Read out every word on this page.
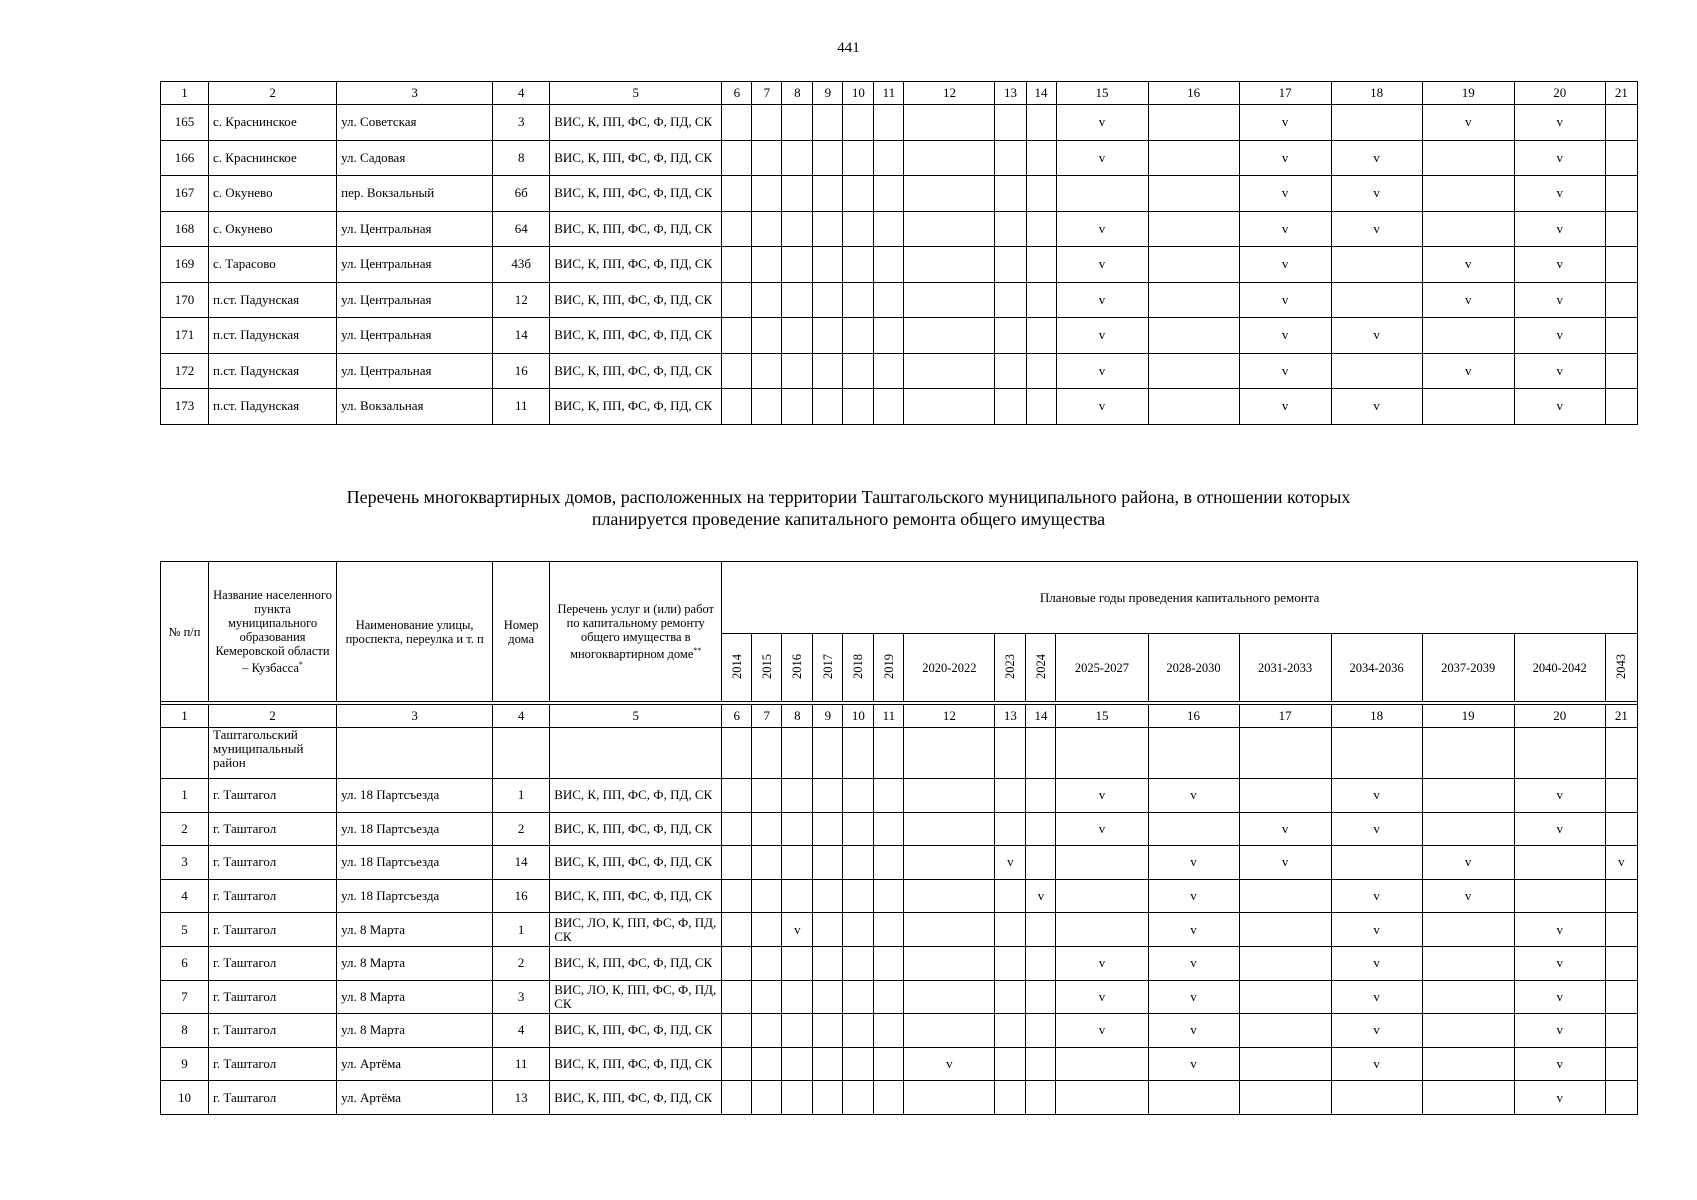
441
1	2	3	4	5	6	7	8	9	10	11	12	13	14	15	16	17	18	19	20	21
165	с. Краснинское	ул. Советская	3	ВИС, К, ПП, ФС, Ф, ПД, СК										v		v		v	v	
166	с. Краснинское	ул. Садовая	8	ВИС, К, ПП, ФС, Ф, ПД, СК										v		v	v		v	
167	с. Окунево	пер. Вокзальный	6б	ВИС, К, ПП, ФС, Ф, ПД, СК												v	v		v	
168	с. Окунево	ул. Центральная	64	ВИС, К, ПП, ФС, Ф, ПД, СК										v		v	v		v	
169	с. Тарасово	ул. Центральная	43б	ВИС, К, ПП, ФС, Ф, ПД, СК										v		v		v	v	
170	п.ст. Падунская	ул. Центральная	12	ВИС, К, ПП, ФС, Ф, ПД, СК										v		v		v	v	
171	п.ст. Падунская	ул. Центральная	14	ВИС, К, ПП, ФС, Ф, ПД, СК										v		v	v		v	
172	п.ст. Падунская	ул. Центральная	16	ВИС, К, ПП, ФС, Ф, ПД, СК										v		v		v	v	
173	п.ст. Падунская	ул. Вокзальная	11	ВИС, К, ПП, ФС, Ф, ПД, СК										v		v	v		v	
Перечень многоквартирных домов, расположенных на территории Таштагольского муниципального района, в отношении которых
планируется проведение капитального ремонта общего имущества
№ п/п	Название населенного пункта муниципального образования Кемеровской области – Кузбасса*	Наименование улицы, проспекта, переулка и т. п	Номер дома	Перечень услуг и (или) работ по капитальному ремонту общего имущества в многоквартирном доме**	Плановые годы проведения капитального ремонта															
					2014	2015	2016	2017	2018	2019	2020-2022	2023	2024	2025-2027	2028-2030	2031-2033	2034-2036	2037-2039	2040-2042	2043

1	2	3	4	5	6	7	8	9	10	11	12	13	14	15	16	17	18	19	20	21
	Таштагольский муниципальный район																			
1	г. Таштагол	ул. 18 Партсъезда	1	ВИС, К, ПП, ФС, Ф, ПД, СК										v	v		v		v	
2	г. Таштагол	ул. 18 Партсъезда	2	ВИС, К, ПП, ФС, Ф, ПД, СК										v		v	v		v	
3	г. Таштагол	ул. 18 Партсъезда	14	ВИС, К, ПП, ФС, Ф, ПД, СК								v			v	v		v		v
4	г. Таштагол	ул. 18 Партсъезда	16	ВИС, К, ПП, ФС, Ф, ПД, СК									v		v		v	v		
5	г. Таштагол	ул. 8 Марта	1	ВИС, ЛО, К, ПП, ФС, Ф, ПД, СК			v								v		v		v	
6	г. Таштагол	ул. 8 Марта	2	ВИС, К, ПП, ФС, Ф, ПД, СК										v	v		v		v	
7	г. Таштагол	ул. 8 Марта	3	ВИС, ЛО, К, ПП, ФС, Ф, ПД, СК										v	v		v		v	
8	г. Таштагол	ул. 8 Марта	4	ВИС, К, ПП, ФС, Ф, ПД, СК										v	v		v		v	
9	г. Таштагол	ул. Артёма	11	ВИС, К, ПП, ФС, Ф, ПД, СК							v				v		v		v	
10	г. Таштагол	ул. Артёма	13	ВИС, К, ПП, ФС, Ф, ПД, СК															v	
